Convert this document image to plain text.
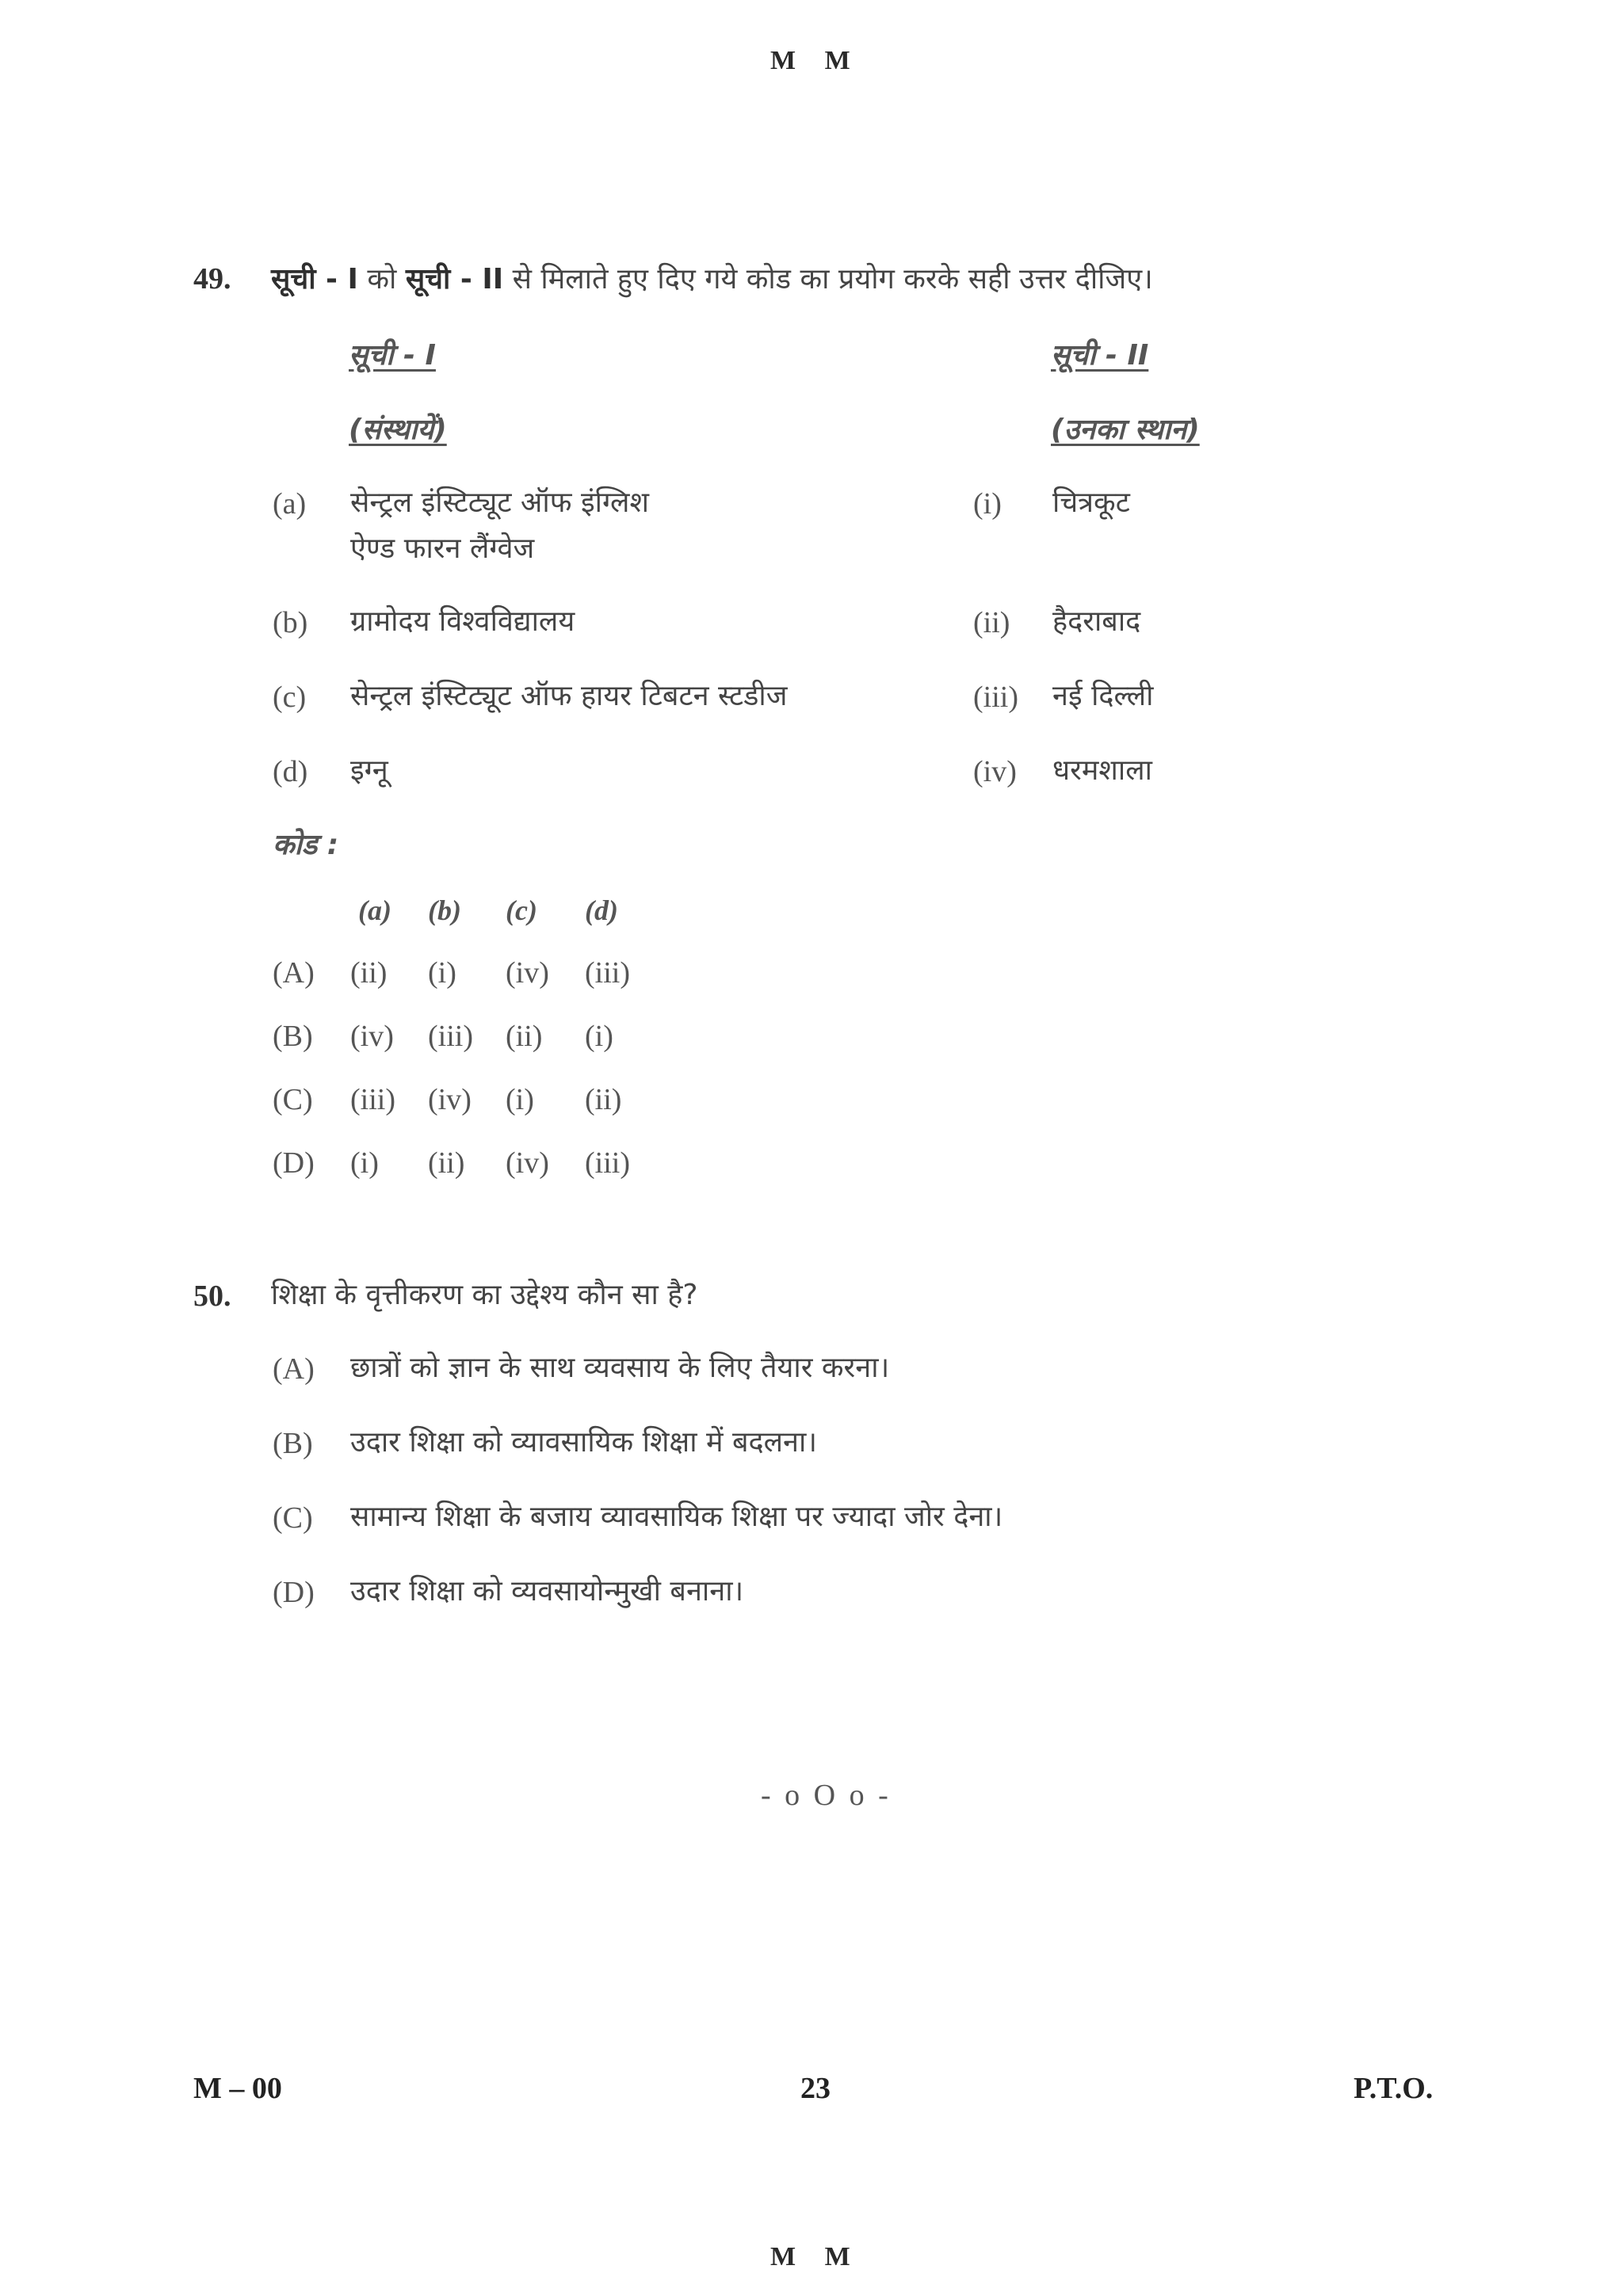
M M
49. सूची - I को सूची - II से मिलाते हुए दिए गये कोड का प्रयोग करके सही उत्तर दीजिए।
सूची - I
(संस्थायें)
सूची - II
(उनका स्थान)
(a) सेन्ट्रल इंस्टिट्यूट ऑफ इंग्लिश
ऐण्ड फारन लैंग्वेज
(b) ग्रामोदय विश्वविद्यालय
(c) सेन्ट्रल इंस्टिट्यूट ऑफ हायर टिबटन स्टडीज
(d) इग्नू
(i) चित्रकूट
(ii) हैदराबाद
(iii) नई दिल्ली
(iv) धरमशाला
कोड :
(a) (b) (c) (d)
(A) (ii) (i) (iv) (iii)
(B) (iv) (iii) (ii) (i)
(C) (iii) (iv) (i) (ii)
(D) (i) (ii) (iv) (iii)
50. शिक्षा के वृत्तीकरण का उद्देश्य कौन सा है?
(A) छात्रों को ज्ञान के साथ व्यवसाय के लिए तैयार करना।
(B) उदार शिक्षा को व्यावसायिक शिक्षा में बदलना।
(C) सामान्य शिक्षा के बजाय व्यावसायिक शिक्षा पर ज्यादा जोर देना।
(D) उदार शिक्षा को व्यवसायोन्मुखी बनाना।
- o O o -
M – 00	23	P.T.O.
M M
